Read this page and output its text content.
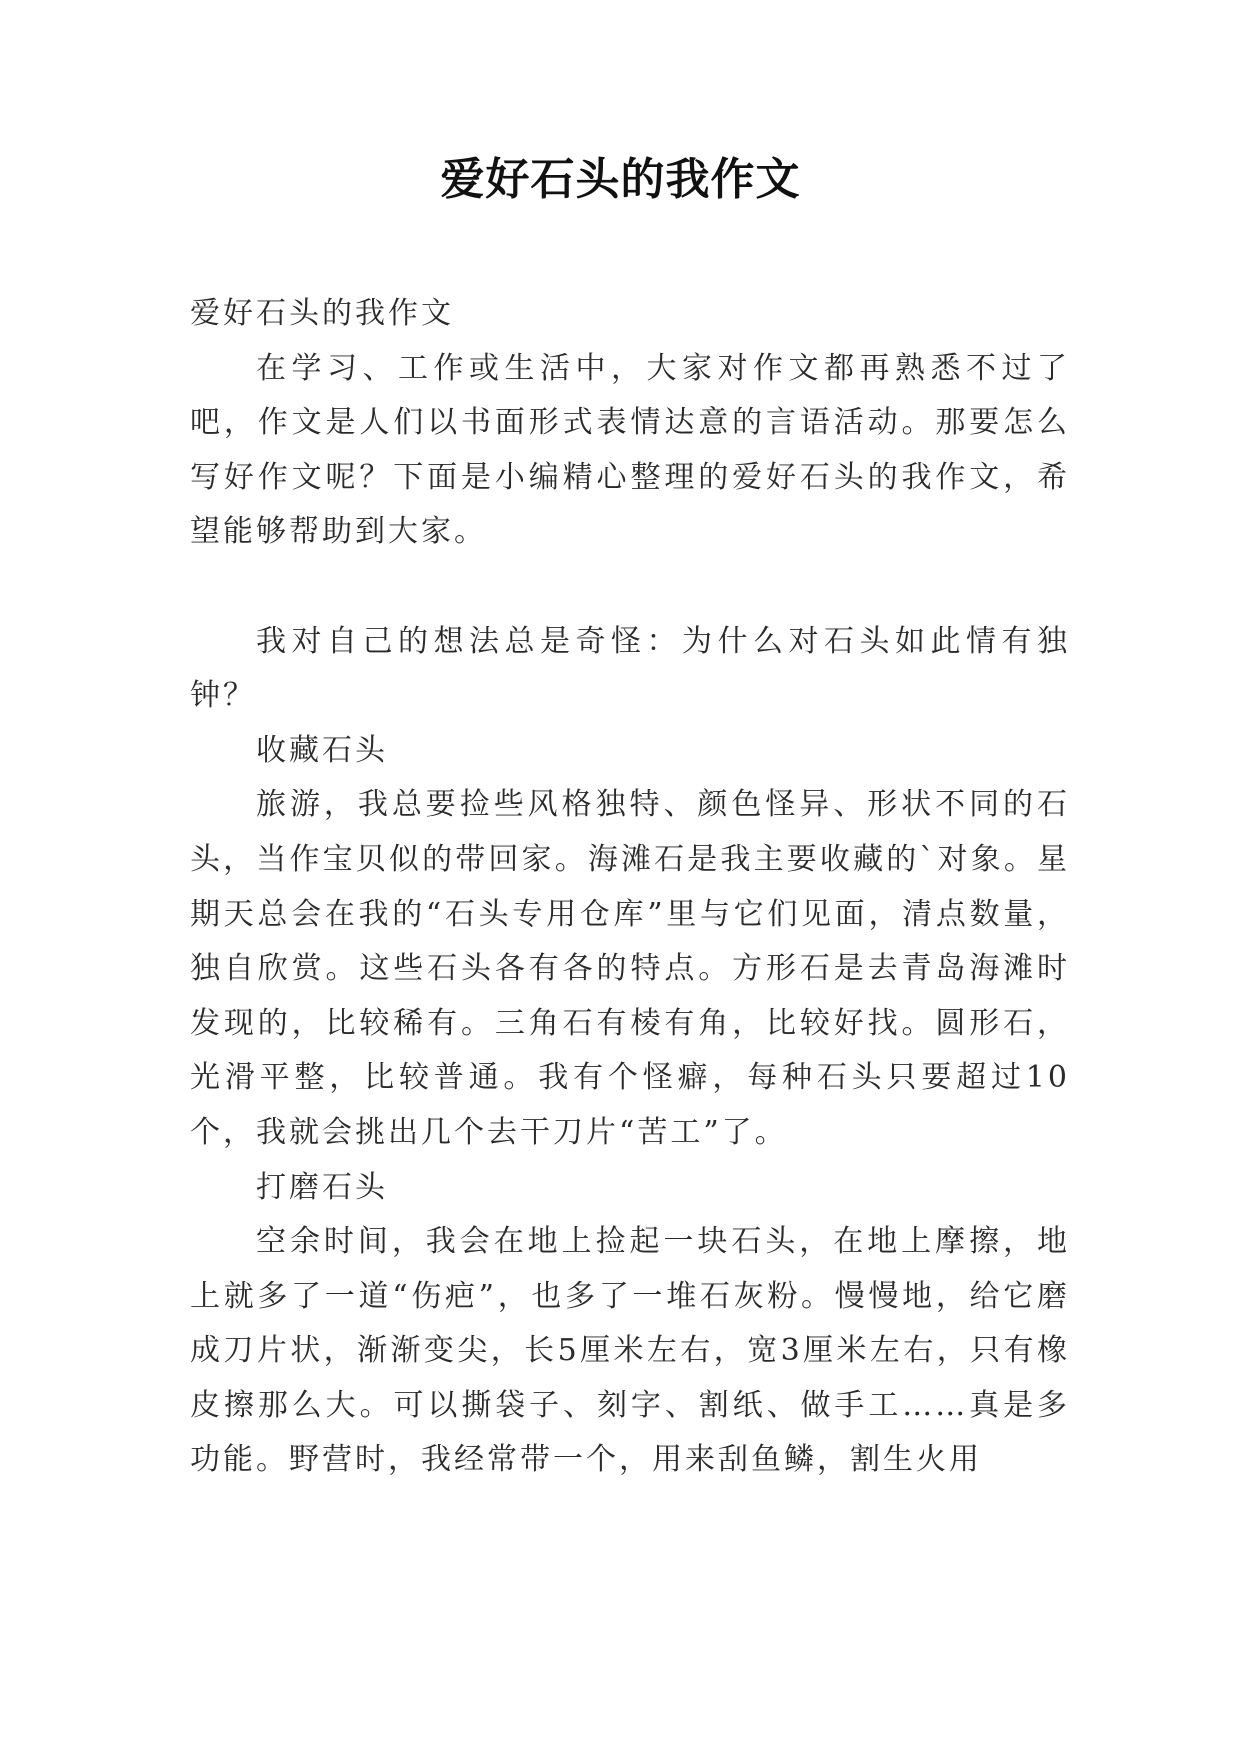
爱好石头的我作文

爱好石头的我作文

在学习、工作或生活中，大家对作文都再熟悉不过了吧，作文是人们以书面形式表情达意的言语活动。那要怎么写好作文呢？下面是小编精心整理的爱好石头的我作文，希望能够帮助到大家。

我对自己的想法总是奇怪：为什么对石头如此情有独钟？

收藏石头

旅游，我总要捡些风格独特、颜色怪异、形状不同的石头，当作宝贝似的带回家。海滩石是我主要收藏的`对象。星期天总会在我的“石头专用仓库”里与它们见面，清点数量，独自欣赏。这些石头各有各的特点。方形石是去青岛海滩时发现的，比较稀有。三角石有棱有角，比较好找。圆形石，光滑平整，比较普通。我有个怪癖，每种石头只要超过10个，我就会挑出几个去干刀片“苦工”了。

打磨石头

空余时间，我会在地上捡起一块石头，在地上摩擦，地上就多了一道“伤疤”，也多了一堆石灰粉。慢慢地，给它磨成刀片状，渐渐变尖，长5厘米左右，宽3厘米左右，只有橡皮擦那么大。可以撕袋子、刻字、割纸、做手工……真是多功能。野营时，我经常带一个，用来刮鱼鳞，割生火用
